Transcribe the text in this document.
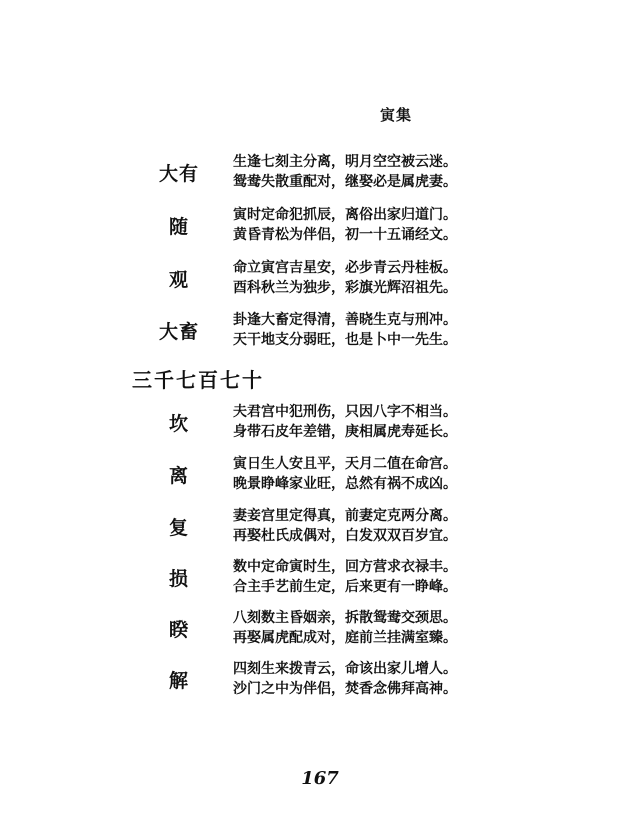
寅集
大有
生逢七刻主分离，明月空空被云迷。
鸳鸯失散重配对，继娶必是属虎妻。
随
寅时定命犯抓辰，离俗出家归道门。
黄昏青松为伴侣，初一十五诵经文。
观
命立寅宫吉星安，必步青云丹桂板。
酉科秋兰为独步，彩旗光辉沼祖先。
大畜
卦逢大畜定得清，善晓生克与刑冲。
天干地支分弱旺，也是卜中一先生。
三千七百七十
坎
夫君宫中犯刑伤，只因八字不相当。
身带石皮年差错，庚相属虎寿延长。
离
寅日生人安且平，天月二值在命宫。
晚景睁峰家业旺，总然有祸不成凶。
复
妻妾宫里定得真，前妻定克两分离。
再娶杜氏成偶对，白发双双百岁宜。
损
数中定命寅时生，回方营求衣禄丰。
合主手艺前生定，后来更有一睁峰。
睽
八刻数主昏姻亲，拆散鸳鸯交颈思。
再娶属虎配成对，庭前兰挂满室臻。
解
四刻生来拨青云，命该出家儿增人。
沙门之中为伴侣，焚香念佛拜高神。
167
